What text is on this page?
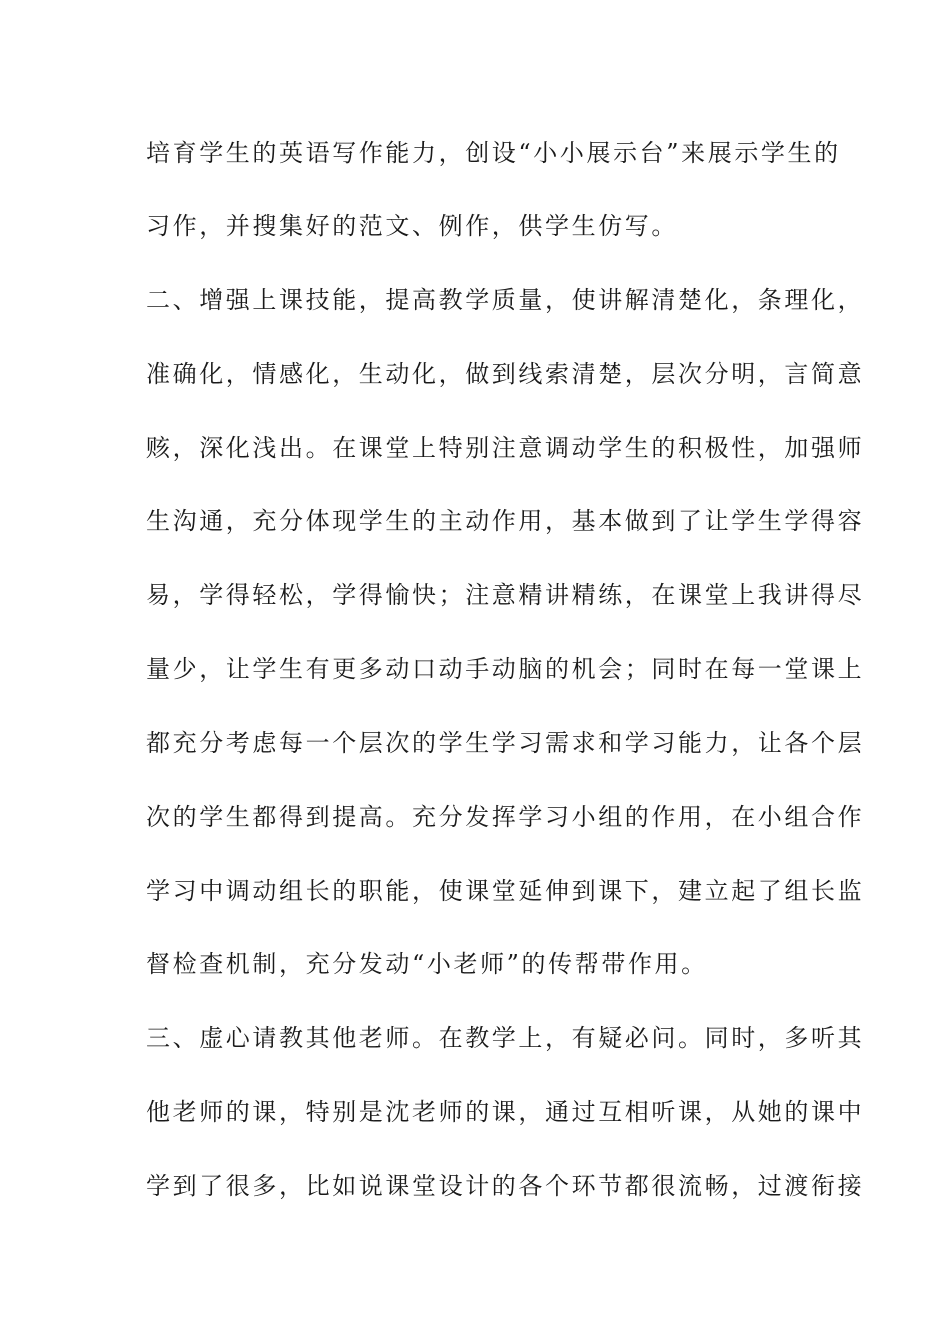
培育学生的英语写作能力，创设“小小展示台”来展示学生的
习作，并搜集好的范文、例作，供学生仿写。
二、增强上课技能，提高教学质量，使讲解清楚化，条理化，
准确化，情感化，生动化，做到线索清楚，层次分明，言简意
赅，深化浅出。在课堂上特别注意调动学生的积极性，加强师
生沟通，充分体现学生的主动作用，基本做到了让学生学得容
易，学得轻松，学得愉快；注意精讲精练，在课堂上我讲得尽
量少，让学生有更多动口动手动脑的机会；同时在每一堂课上
都充分考虑每一个层次的学生学习需求和学习能力，让各个层
次的学生都得到提高。充分发挥学习小组的作用，在小组合作
学习中调动组长的职能，使课堂延伸到课下，建立起了组长监
督检查机制，充分发动“小老师”的传帮带作用。
三、虚心请教其他老师。在教学上，有疑必问。同时，多听其
他老师的课，特别是沈老师的课，通过互相听课，从她的课中
学到了很多，比如说课堂设计的各个环节都很流畅，过渡衔接
